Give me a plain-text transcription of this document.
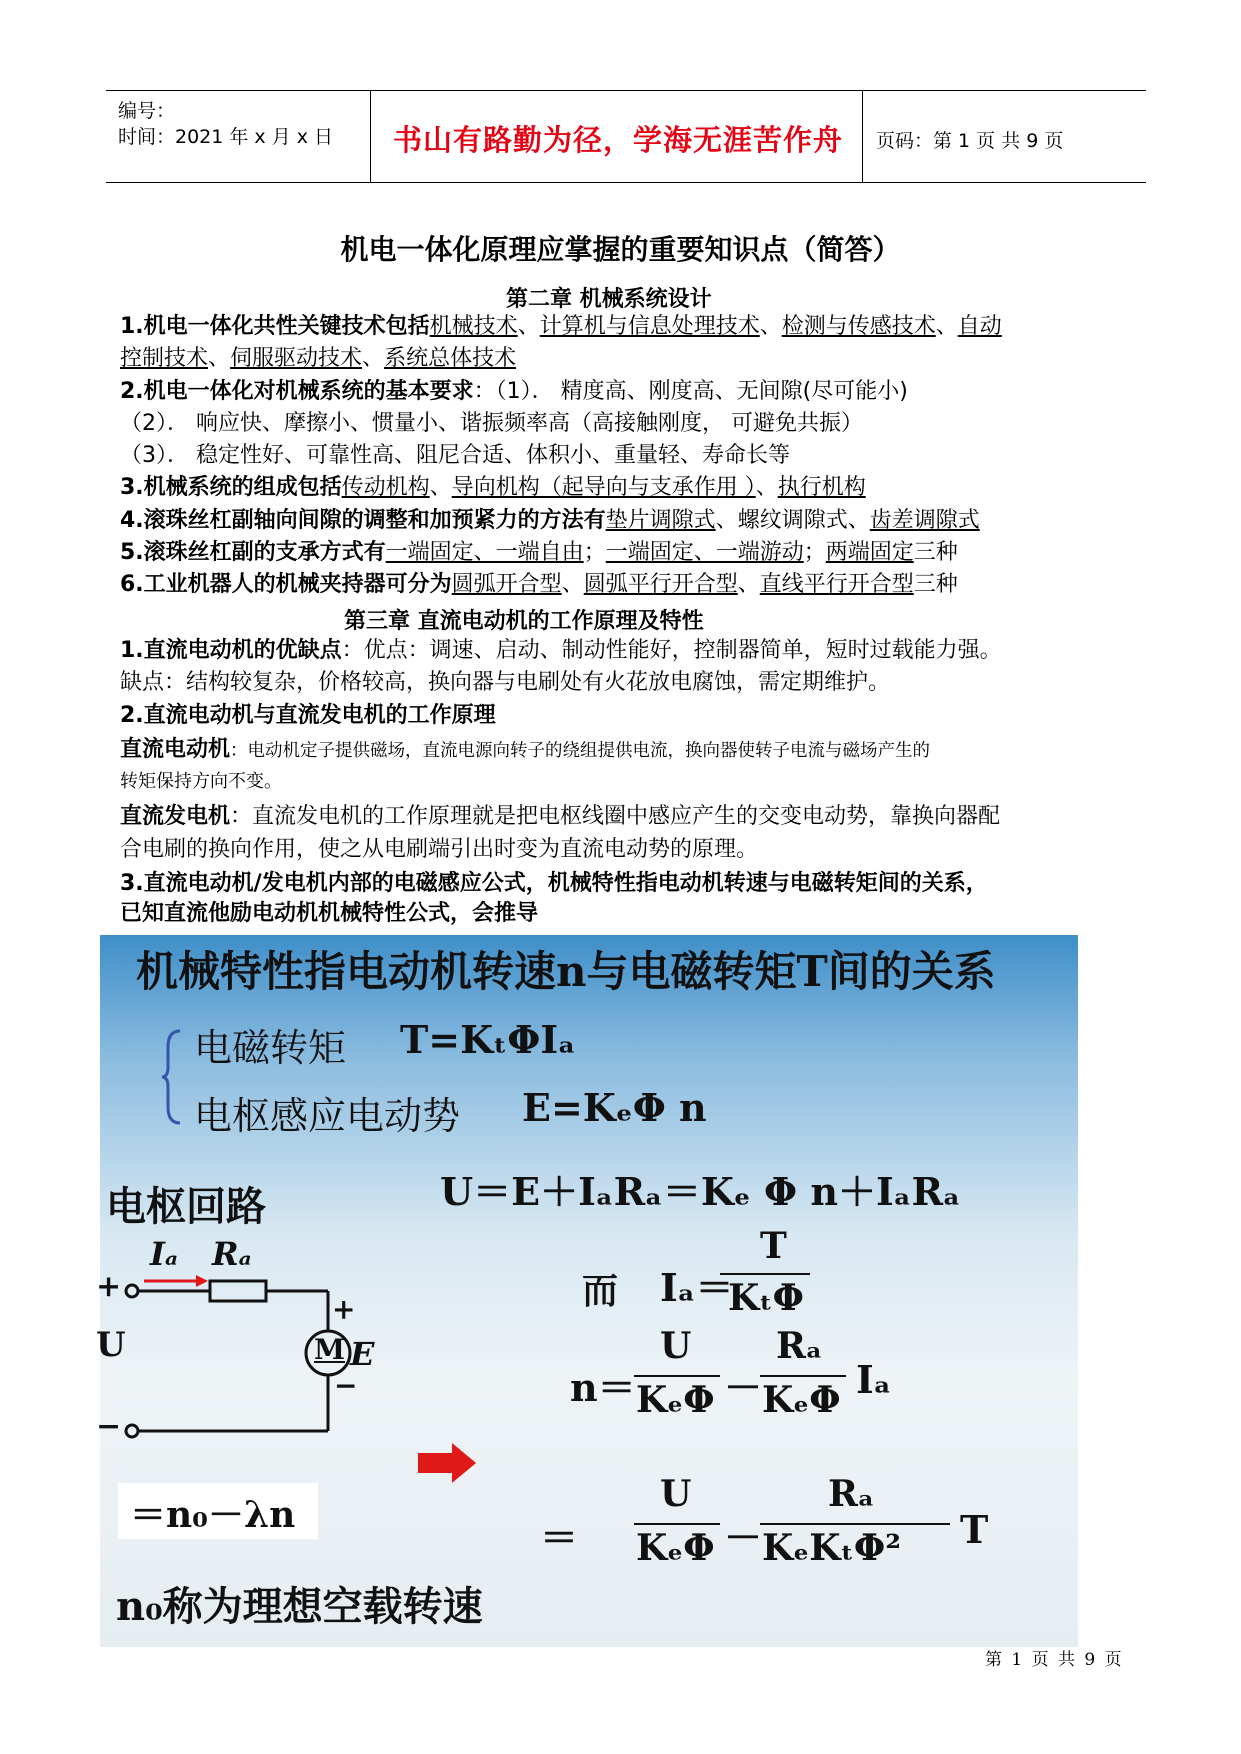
编号：
时间：2021 年 x 月 x 日 书山有路勤为径，学海无涯苦作舟 页码：第 1 页 共 9 页
机电一体化原理应掌握的重要知识点（简答）
第二章 机械系统设计
1.机电一体化共性关键技术包括机械技术、计算机与信息处理技术、检测与传感技术、自动
控制技术、伺服驱动技术、系统总体技术
2.机电一体化对机械系统的基本要求：（1）． 精度高、刚度高、无间隙(尽可能小)
（2）． 响应快、摩擦小、惯量小、谐振频率高（高接触刚度， 可避免共振）
（3）． 稳定性好、可靠性高、阻尼合适、体积小、重量轻、寿命长等
3.机械系统的组成包括传动机构、导向机构（起导向与支承作用 ）、执行机构
4.滚珠丝杠副轴向间隙的调整和加预紧力的方法有垫片调隙式、螺纹调隙式、齿差调隙式
5.滚珠丝杠副的支承方式有一端固定、一端自由；一端固定、一端游动；两端固定三种
6.工业机器人的机械夹持器可分为圆弧开合型、圆弧平行开合型、直线平行开合型三种
第三章 直流电动机的工作原理及特性
1.直流电动机的优缺点：优点：调速、启动、制动性能好，控制器简单，短时过载能力强。
缺点：结构较复杂，价格较高，换向器与电刷处有火花放电腐蚀，需定期维护。
2.直流电动机与直流发电机的工作原理
直流电动机：电动机定子提供磁场，直流电源向转子的绕组提供电流，换向器使转子电流与磁场产生的
转矩保持方向不变。
直流发电机：直流发电机的工作原理就是把电枢线圈中感应产生的交变电动势，靠换向器配
合电刷的换向作用，使之从电刷端引出时变为直流电动势的原理。
3.直流电动机/发电机内部的电磁感应公式，机械特性指电动机转速与电磁转矩间的关系，
已知直流他励电动机机械特性公式，会推导
机械特性指电动机转速n与电磁转矩T间的关系
电磁转矩 T=KₜΦIₐ
电枢感应电动势 E=KₑΦ n
电枢回路	U＝E＋IₐRₐ＝Kₑ Φ n＋IₐRₐ
而 Iₐ＝
T
KₜΦ
n＝
U
KₑΦ －
Rₐ
KₑΦ Iₐ
＝
U
KₑΦ －
Rₐ
KₑKₜΦ² T
＝n₀－λn
n₀称为理想空载转速
Iₐ Rₐ
+
U
−
+
M E
−
第 1 页 共 9 页
